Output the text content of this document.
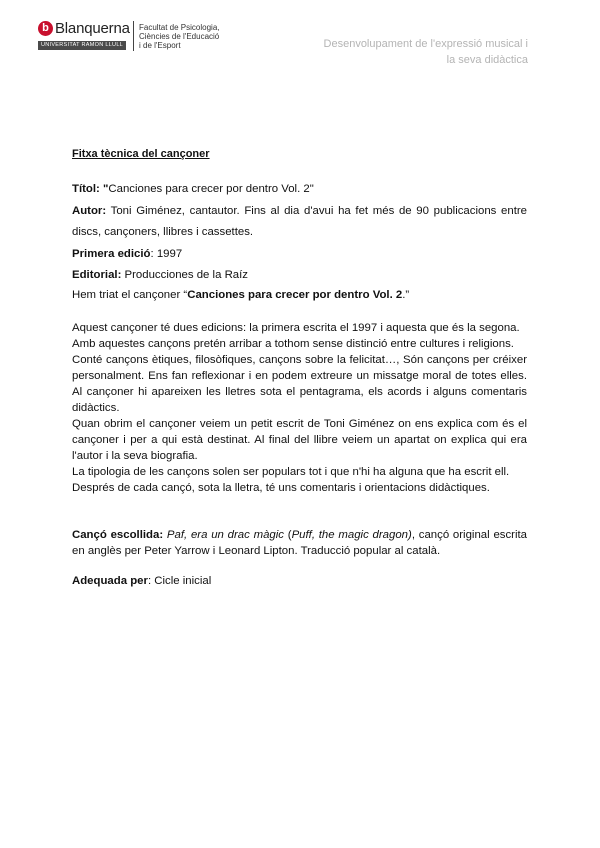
b Blanquerna
UNIVERSITAT RAMON LLULL
Facultat de Psicologia,
Ciències de l'Educació
i de l'Esport	Desenvolupament de l'expressió musical i
la seva didàctica

Fitxa tècnica del cançoner

Títol: "Canciones para crecer por dentro Vol. 2"

Autor: Toni Giménez, cantautor. Fins al dia d'avui ha fet més de 90 publicacions entre discs, cançoners, llibres i cassettes.

Primera edició: 1997

Editorial: Producciones de la Raíz

Hem triat el cançoner “Canciones para crecer por dentro Vol. 2.”

Aquest cançoner té dues edicions: la primera escrita el 1997 i aquesta que és la segona.

Amb aquestes cançons pretén arribar a tothom sense distinció entre cultures i religions.

Conté cançons ètiques, filosòfiques, cançons sobre la felicitat…, Són cançons per créixer personalment. Ens fan reflexionar i en podem extreure un missatge moral de totes elles. Al cançoner hi apareixen les lletres sota el pentagrama, els acords i alguns comentaris didàctics.

Quan obrim el cançoner veiem un petit escrit de Toni Giménez on ens explica com és el cançoner i per a qui està destinat. Al final del llibre veiem un apartat on explica qui era l'autor i la seva biografia.

La tipologia de les cançons solen ser populars tot i que n'hi ha alguna que ha escrit ell.

Després de cada cançó, sota la lletra, té uns comentaris i orientacions didàctiques.

Cançó escollida: Paf, era un drac màgic (Puff, the magic dragon), cançó original escrita en anglès per Peter Yarrow i Leonard Lipton. Traducció popular al català.

Adequada per: Cicle inicial
